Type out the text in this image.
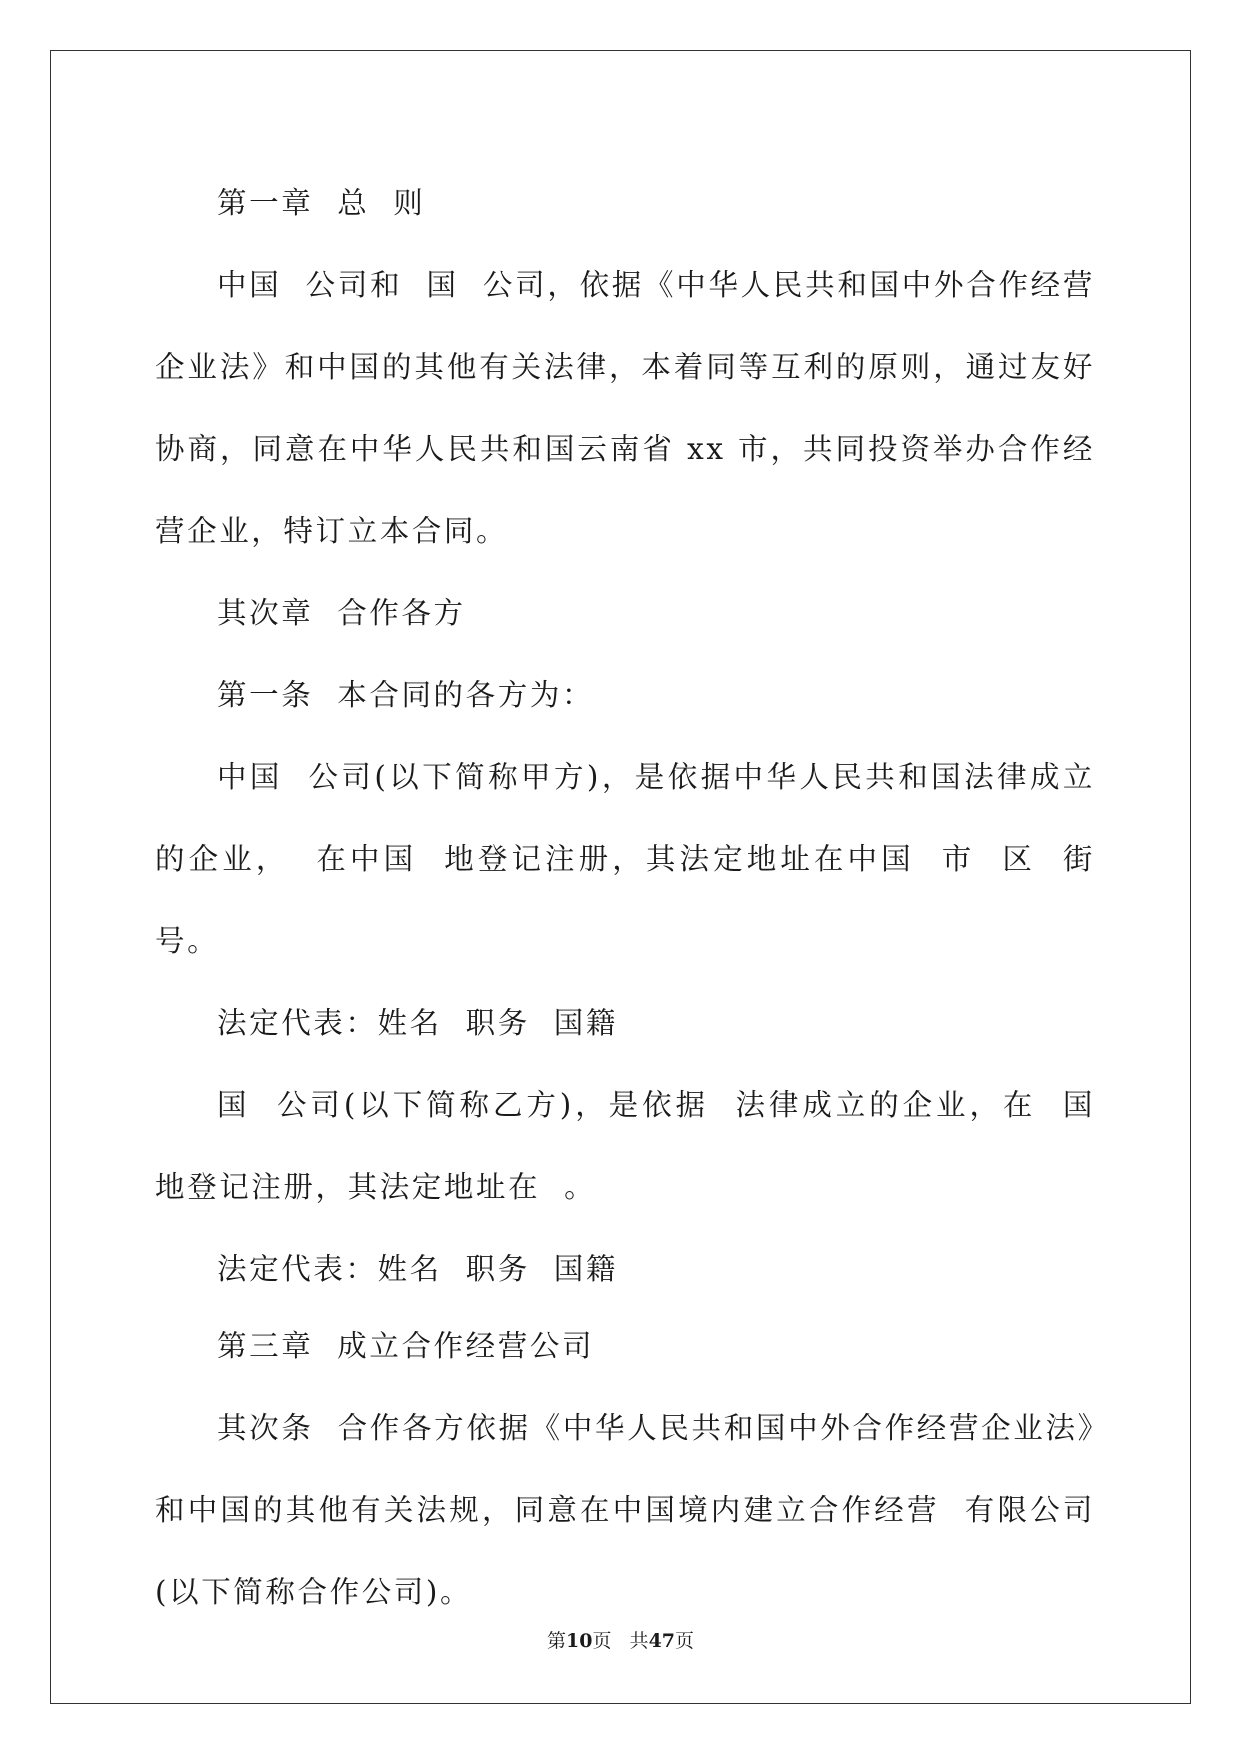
第一章  总  则

中国  公司和  国  公司，依据《中华人民共和国中外合作经营企业法》和中国的其他有关法律，本着同等互利的原则，通过友好协商，同意在中华人民共和国云南省 xx 市，共同投资举办合作经营企业，特订立本合同。

其次章  合作各方

第一条  本合同的各方为：

中国  公司(以下简称甲方)，是依据中华人民共和国法律成立的企业，  在中国  地登记注册，其法定地址在中国  市  区  街  号。

法定代表：姓名  职务  国籍

国  公司(以下简称乙方)，是依据  法律成立的企业，在  国  地登记注册，其法定地址在  。

法定代表：姓名  职务  国籍

第三章  成立合作经营公司

其次条  合作各方依据《中华人民共和国中外合作经营企业法》和中国的其他有关法规，同意在中国境内建立合作经营  有限公司(以下简称合作公司)。

第10页   共47页
